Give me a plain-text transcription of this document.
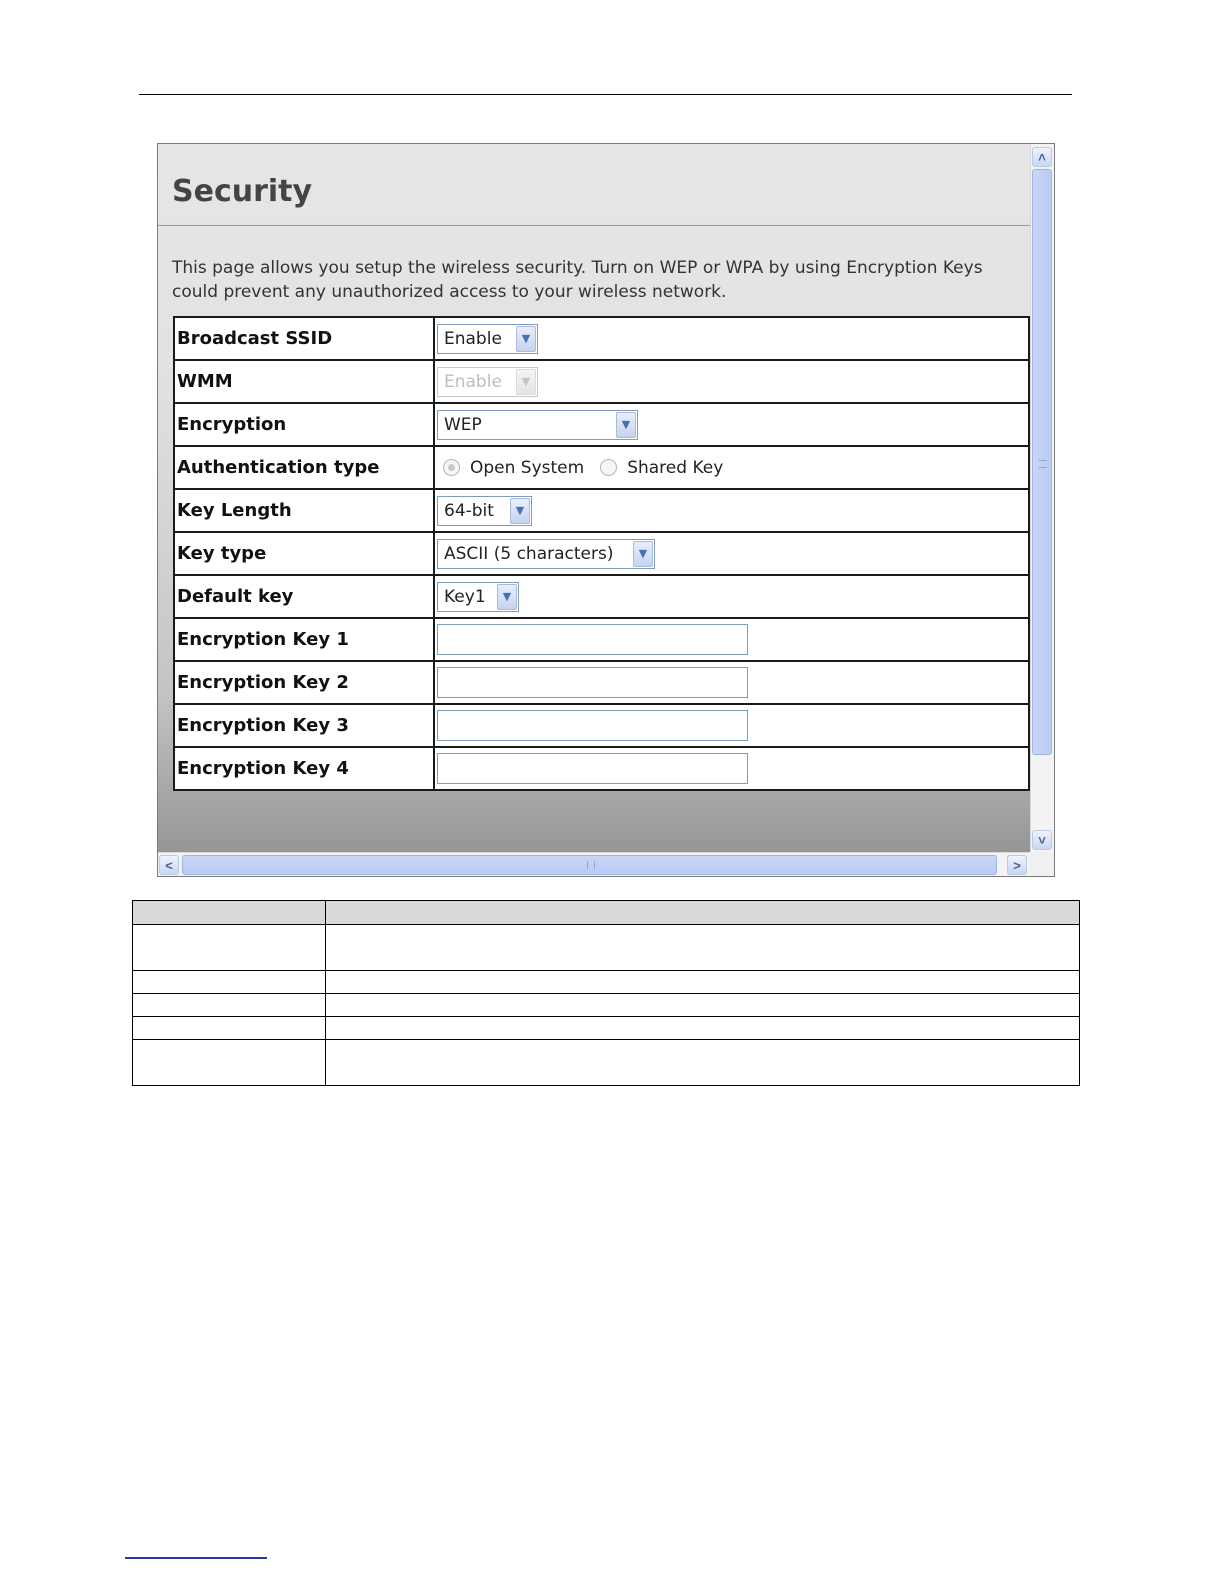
Security

This page allows you setup the wireless security. Turn on WEP or WPA by using Encryption Keys could prevent any unauthorized access to your wireless network.

Broadcast SSID	Enable ▼

WMM	Enable ▼

Encryption	WEP ▼

Authentication type	Open System Shared Key

Key Length	64-bit ▼

Key type	ASCII (5 characters) ▼

Default key	Key1 ▼

Encryption Key 1	
Encryption Key 2	
Encryption Key 3	
Encryption Key 4	
˄
˅
<	>
